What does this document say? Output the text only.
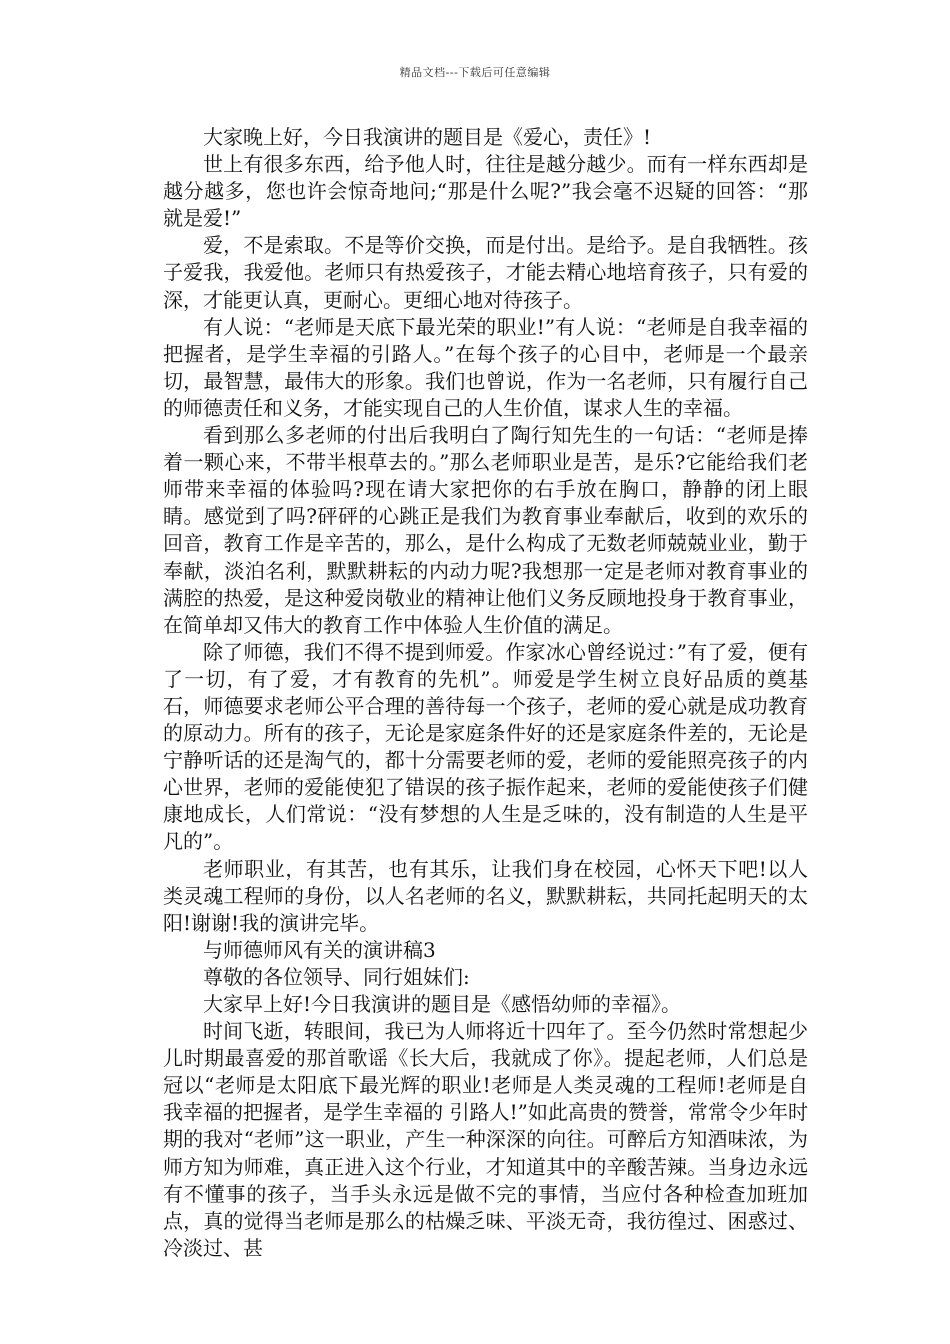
精品文档---下载后可任意编辑

大家晚上好，今日我演讲的题目是《爱心，责任》!

世上有很多东西，给予他人时，往往是越分越少。而有一样东西却是越分越多，您也许会惊奇地问;“那是什么呢?”我会毫不迟疑的回答：“那就是爱!”

爱，不是索取。不是等价交换，而是付出。是给予。是自我牺牲。孩子爱我，我爱他。老师只有热爱孩子，才能去精心地培育孩子，只有爱的深，才能更认真，更耐心。更细心地对待孩子。

有人说：“老师是天底下最光荣的职业!”有人说：“老师是自我幸福的把握者，是学生幸福的引路人。”在每个孩子的心目中，老师是一个最亲切，最智慧，最伟大的形象。我们也曾说，作为一名老师，只有履行自己的师德责任和义务，才能实现自己的人生价值，谋求人生的幸福。

看到那么多老师的付出后我明白了陶行知先生的一句话：“老师是捧着一颗心来，不带半根草去的。”那么老师职业是苦，是乐?它能给我们老师带来幸福的体验吗?现在请大家把你的右手放在胸口，静静的闭上眼睛。感觉到了吗?砰砰的心跳正是我们为教育事业奉献后，收到的欢乐的回音，教育工作是辛苦的，那么，是什么构成了无数老师兢兢业业，勤于奉献，淡泊名利，默默耕耘的内动力呢?我想那一定是老师对教育事业的满腔的热爱，是这种爱岗敬业的精神让他们义务反顾地投身于教育事业，在简单却又伟大的教育工作中体验人生价值的满足。

除了师德，我们不得不提到师爱。作家冰心曾经说过：”有了爱，便有了一切，有了爱，才有教育的先机”。师爱是学生树立良好品质的奠基石，师德要求老师公平合理的善待每一个孩子，老师的爱心就是成功教育的原动力。所有的孩子，无论是家庭条件好的还是家庭条件差的，无论是宁静听话的还是淘气的，都十分需要老师的爱，老师的爱能照亮孩子的内心世界，老师的爱能使犯了错误的孩子振作起来，老师的爱能使孩子们健康地成长，人们常说：“没有梦想的人生是乏味的，没有制造的人生是平凡的”。

老师职业，有其苦，也有其乐，让我们身在校园，心怀天下吧!以人类灵魂工程师的身份，以人名老师的名义，默默耕耘，共同托起明天的太阳!谢谢!我的演讲完毕。

与师德师风有关的演讲稿3

尊敬的各位领导、同行姐妹们:

大家早上好!今日我演讲的题目是《感悟幼师的幸福》。

时间飞逝，转眼间，我已为人师将近十四年了。至今仍然时常想起少儿时期最喜爱的那首歌谣《长大后，我就成了你》。提起老师，人们总是冠以“老师是太阳底下最光辉的职业!老师是人类灵魂的工程师!老师是自我幸福的把握者，是学生幸福的 引路人!”如此高贵的赞誉，常常令少年时期的我对“老师”这一职业，产生一种深深的向往。可醉后方知酒味浓，为师方知为师难，真正进入这个行业，才知道其中的辛酸苦辣。当身边永远有不懂事的孩子，当手头永远是做不完的事情，当应付各种检查加班加点，真的觉得当老师是那么的枯燥乏味、平淡无奇，我彷徨过、困惑过、冷淡过、甚
